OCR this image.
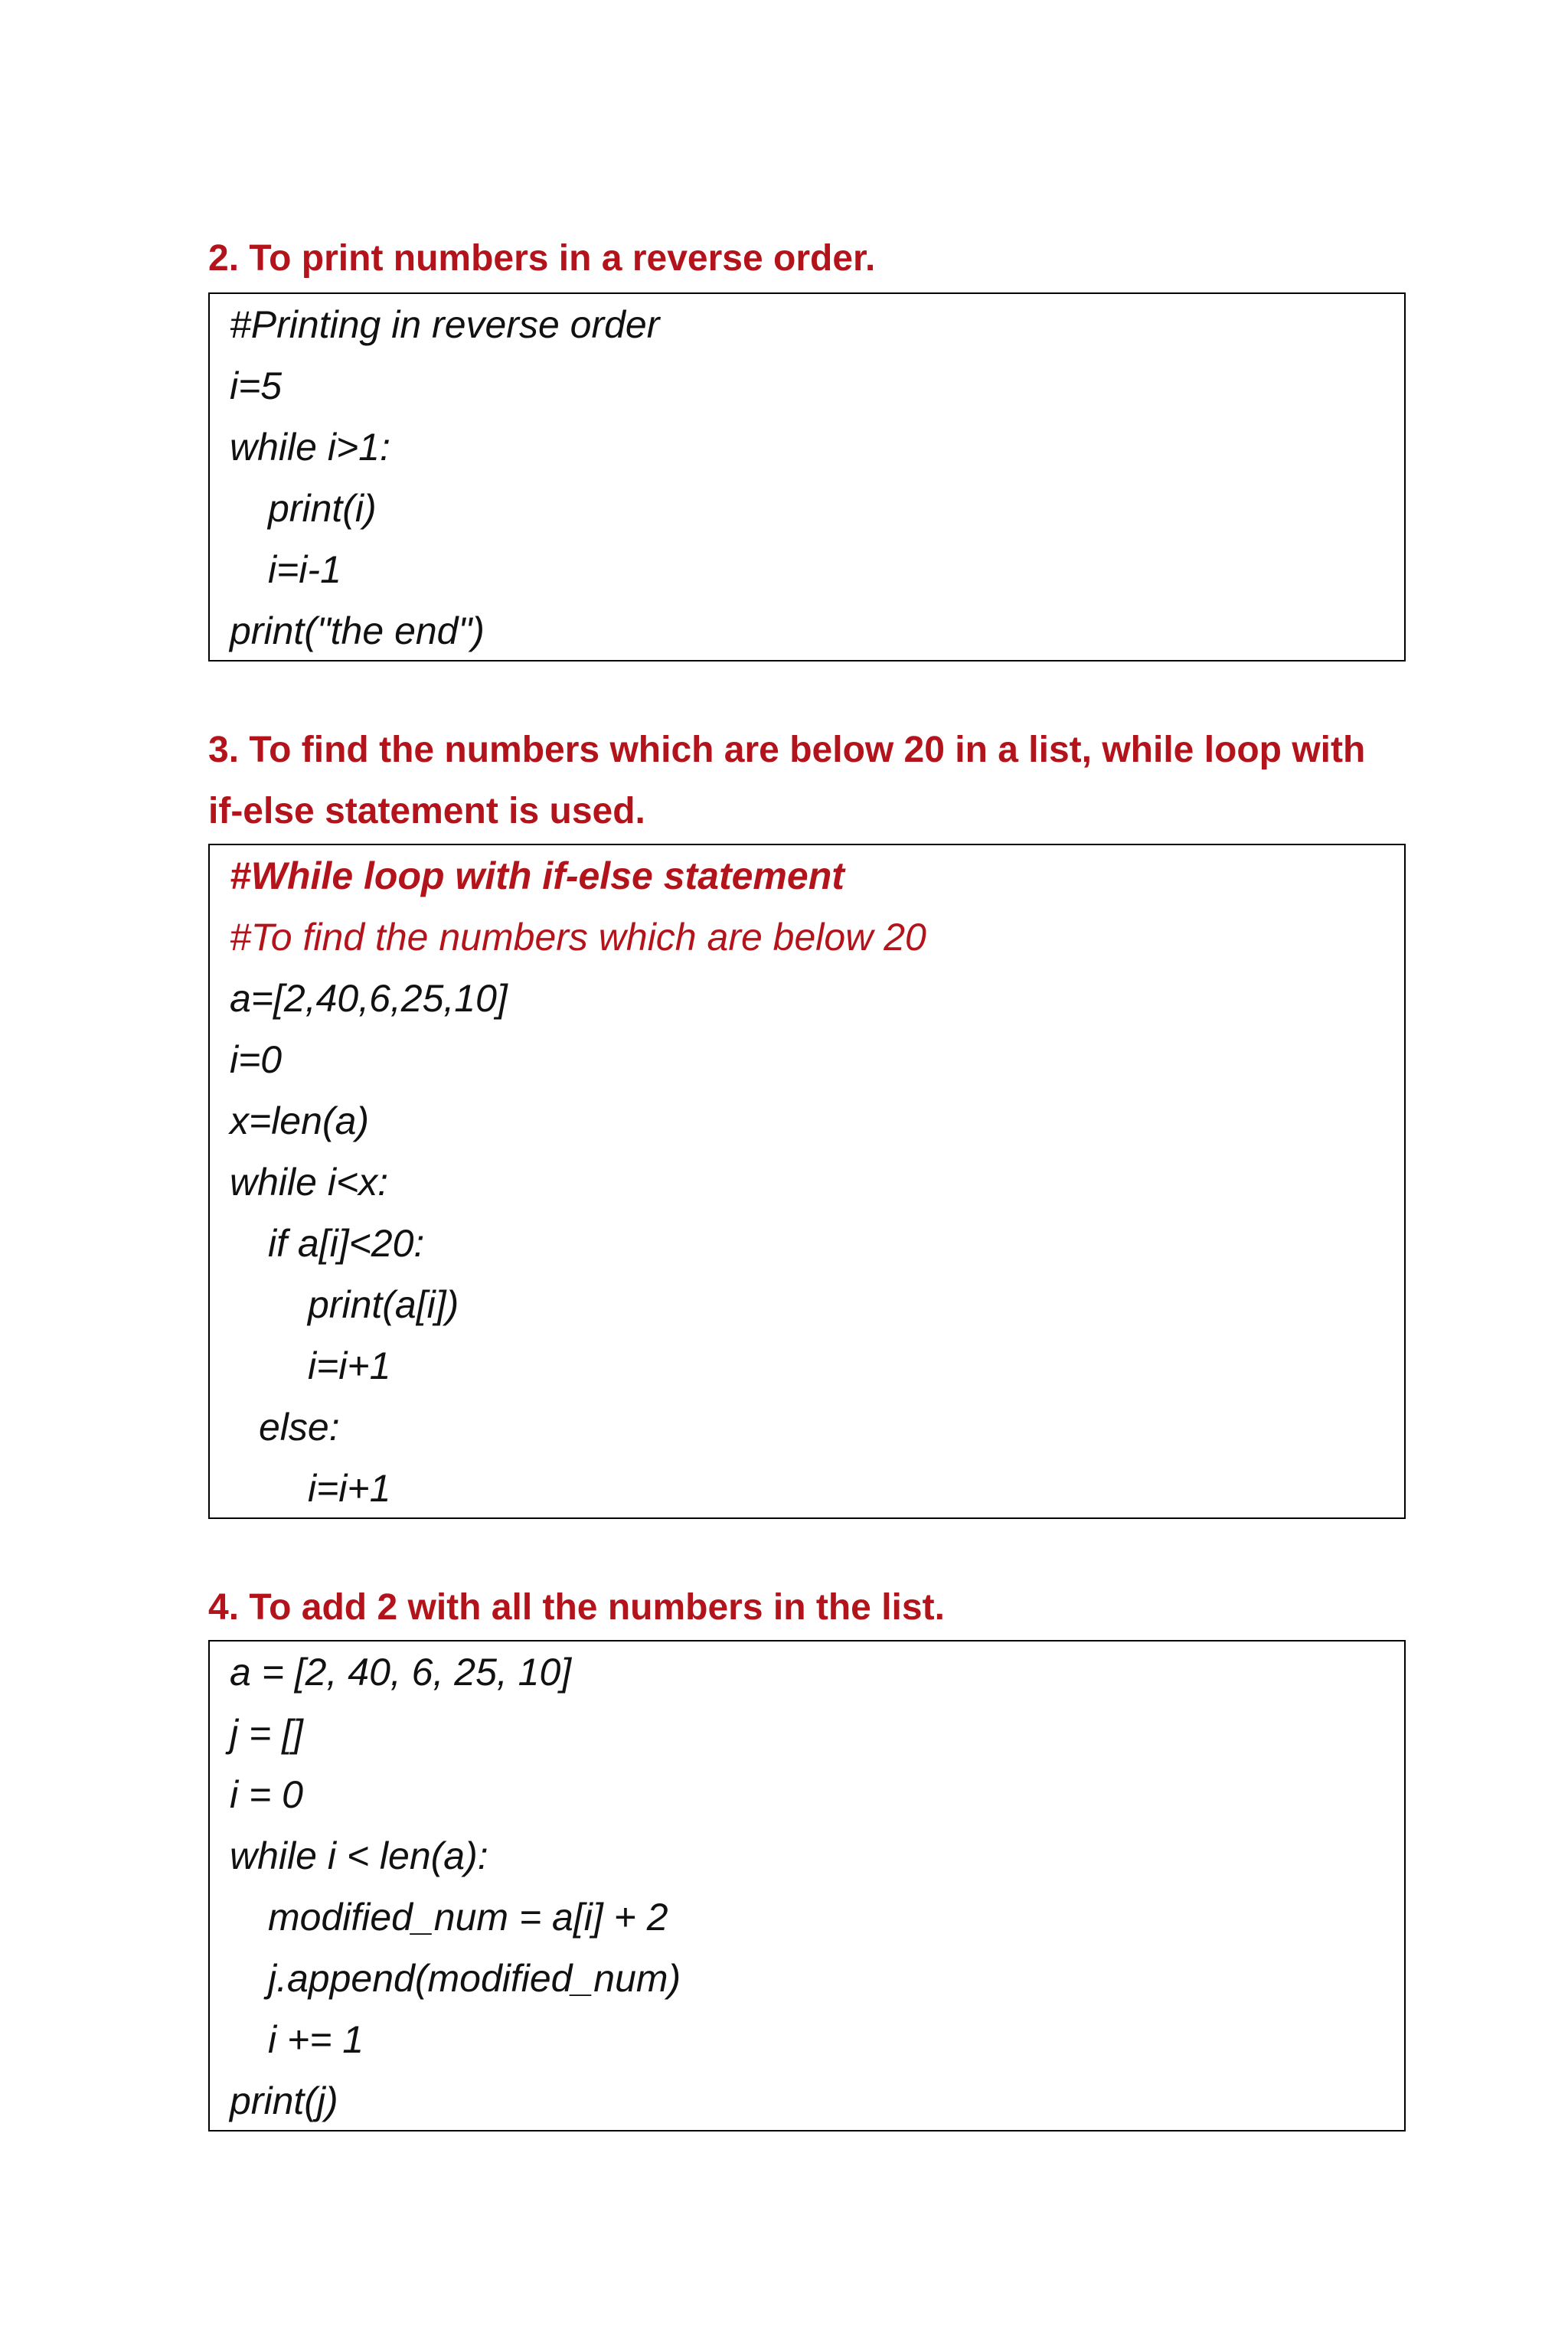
2. To print numbers in a reverse order.
#Printing in reverse order
i=5
while i>1:
print(i)
i=i-1
print("the end")
3. To find the numbers which are below 20 in a list, while loop with
if-else statement is used.
#While loop with if-else statement
#To find the numbers which are below 20
a=[2,40,6,25,10]
i=0
x=len(a)
while i<x:
if a[i]<20:
print(a[i])
i=i+1
else:
i=i+1
4. To add 2 with all the numbers in the list.
a = [2, 40, 6, 25, 10]
j = []
i = 0
while i < len(a):
modified_num = a[i] + 2
j.append(modified_num)
i += 1
print(j)
